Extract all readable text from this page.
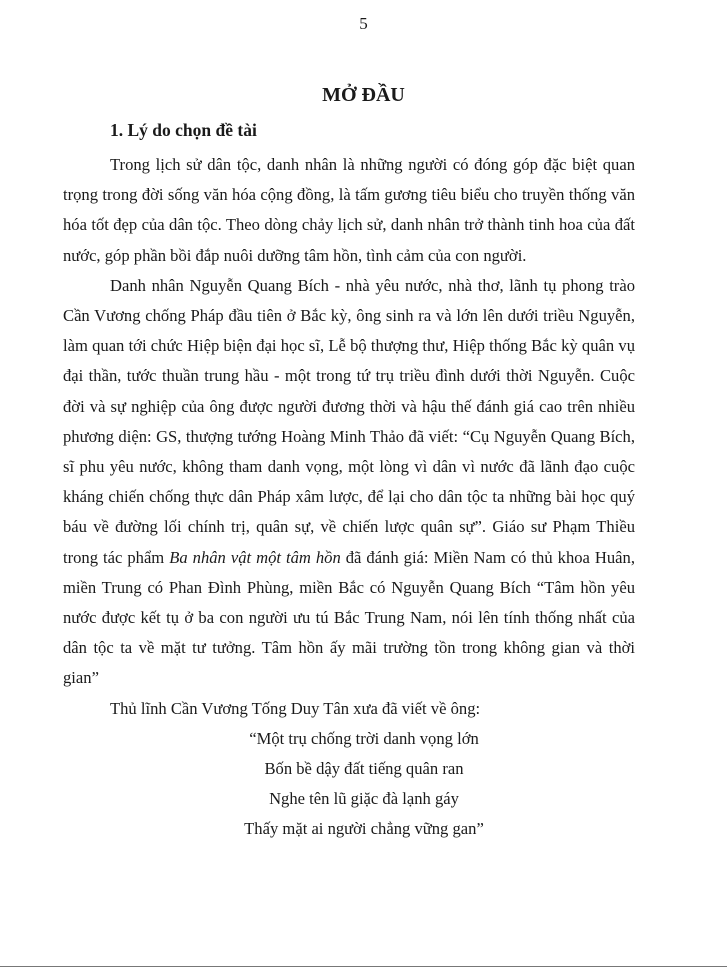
5
MỞ ĐẦU
1. Lý do chọn đề tài

Trong lịch sử dân tộc, danh nhân là những người có đóng góp đặc biệt quan trọng trong đời sống văn hóa cộng đồng, là tấm gương tiêu biểu cho truyền thống văn hóa tốt đẹp của dân tộc. Theo dòng chảy lịch sử, danh nhân trở thành tinh hoa của đất nước, góp phần bồi đắp nuôi dưỡng tâm hồn, tình cảm của con người.

Danh nhân Nguyễn Quang Bích - nhà yêu nước, nhà thơ, lãnh tụ phong trào Cần Vương chống Pháp đầu tiên ở Bắc kỳ, ông sinh ra và lớn lên dưới triều Nguyễn, làm quan tới chức Hiệp biện đại học sĩ, Lễ bộ thượng thư, Hiệp thống Bắc kỳ quân vụ đại thần, tước thuần trung hầu - một trong tứ trụ triều đình dưới thời Nguyễn. Cuộc đời và sự nghiệp của ông được người đương thời và hậu thế đánh giá cao trên nhiều phương diện: GS, thượng tướng Hoàng Minh Thảo đã viết: “Cụ Nguyễn Quang Bích, sĩ phu yêu nước, không tham danh vọng, một lòng vì dân vì nước đã lãnh đạo cuộc kháng chiến chống thực dân Pháp xâm lược, để lại cho dân tộc ta những bài học quý báu về đường lối chính trị, quân sự, về chiến lược quân sự”. Giáo sư Phạm Thiều trong tác phẩm Ba nhân vật một tâm hồn đã đánh giá: Miền Nam có thủ khoa Huân, miền Trung có Phan Đình Phùng, miền Bắc có Nguyễn Quang Bích “Tâm hồn yêu nước được kết tụ ở ba con người ưu tú Bắc Trung Nam, nói lên tính thống nhất của dân tộc ta về mặt tư tưởng. Tâm hồn ấy mãi trường tồn trong không gian và thời gian”

Thủ lĩnh Cần Vương Tống Duy Tân xưa đã viết về ông:

“Một trụ chống trời danh vọng lớn
Bốn bề dậy đất tiếng quân ran
Nghe tên lũ giặc đà lạnh gáy
Thấy mặt ai người chẳng vững gan”
